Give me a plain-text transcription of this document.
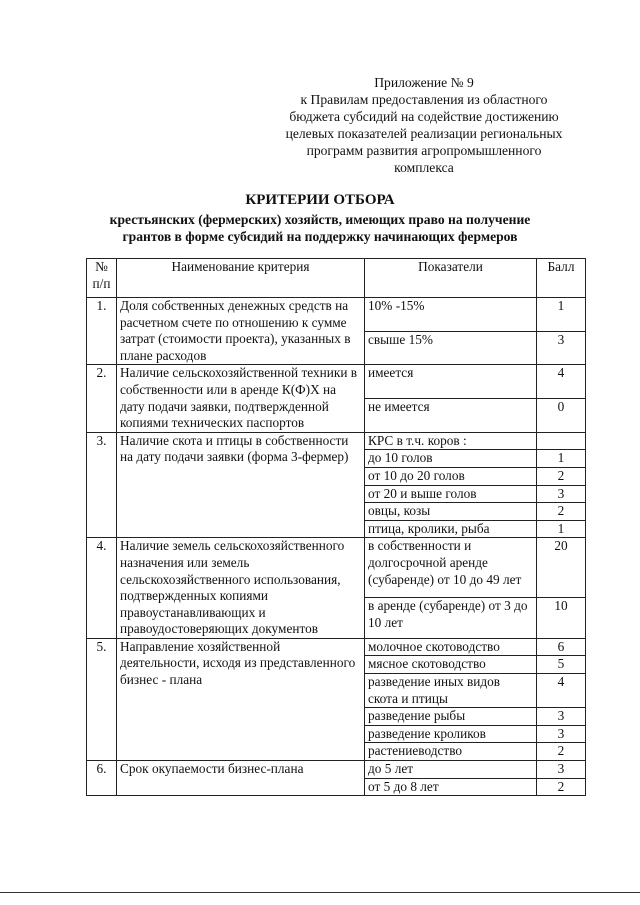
Приложение № 9
к Правилам предоставления из областного
бюджета субсидий на содействие достижению
целевых показателей реализации региональных
программ развития агропромышленного
комплекса
КРИТЕРИИ ОТБОРА
крестьянских (фермерских) хозяйств, имеющих право на получение
грантов в форме субсидий на поддержку начинающих фермеров
№ п/п	Наименование критерия	Показатели	Балл
1.	Доля собственных денежных средств на расчетном счете по отношению к сумме затрат (стоимости проекта), указанных в плане расходов	10% -15%	1
		свыше 15%	3
2.	Наличие сельскохозяйственной техники в собственности или в аренде К(Ф)Х на дату подачи заявки, подтвержденной копиями технических паспортов	имеется	4
		не имеется	0
3.	Наличие скота и птицы в собственности на дату подачи заявки (форма 3-фермер)	КРС в т.ч. коров :	
		до 10 голов	1
		от 10 до 20 голов	2
		от 20 и выше голов	3
		овцы, козы	2
		птица, кролики, рыба	1
4.	Наличие земель сельскохозяйственного назначения или земель сельскохозяйственного использования, подтвержденных копиями правоустанавливающих и правоудостоверяющих документов	в собственности и долгосрочной аренде (субаренде) от 10 до 49 лет	20
		в аренде (субаренде) от 3 до 10 лет	10
5.	Направление хозяйственной деятельности, исходя из представленного бизнес - плана	молочное скотоводство	6
		мясное скотоводство	5
		разведение иных видов скота и птицы	4
		разведение рыбы	3
		разведение кроликов	3
		растениеводство	2
6.	Срок окупаемости бизнес-плана	до 5 лет	3
		от 5 до 8 лет	2
